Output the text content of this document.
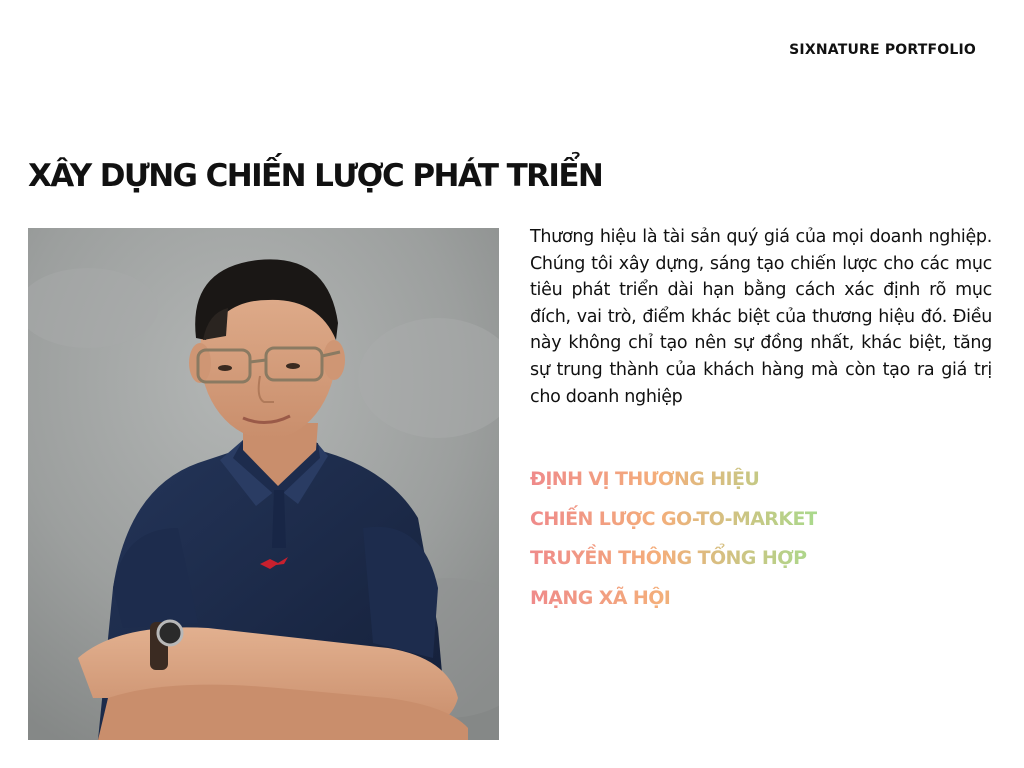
SIXNATURE PORTFOLIO
XÂY DỰNG CHIẾN LƯỢC PHÁT TRIỂN

Thương hiệu là tài sản quý giá của mọi doanh nghiệp. Chúng tôi xây dựng, sáng tạo chiến lược cho các mục tiêu phát triển dài hạn bằng cách xác định rõ mục đích, vai trò, điểm khác biệt của thương hiệu đó. Điều này không chỉ tạo nên sự đồng nhất, khác biệt, tăng sự trung thành của khách hàng mà còn tạo ra giá trị cho doanh nghiệp

ĐỊNH VỊ THƯƠNG HIỆU
CHIẾN LƯỢC GO-TO-MARKET
TRUYỀN THÔNG TỔNG HỢP
MẠNG XÃ HỘI
